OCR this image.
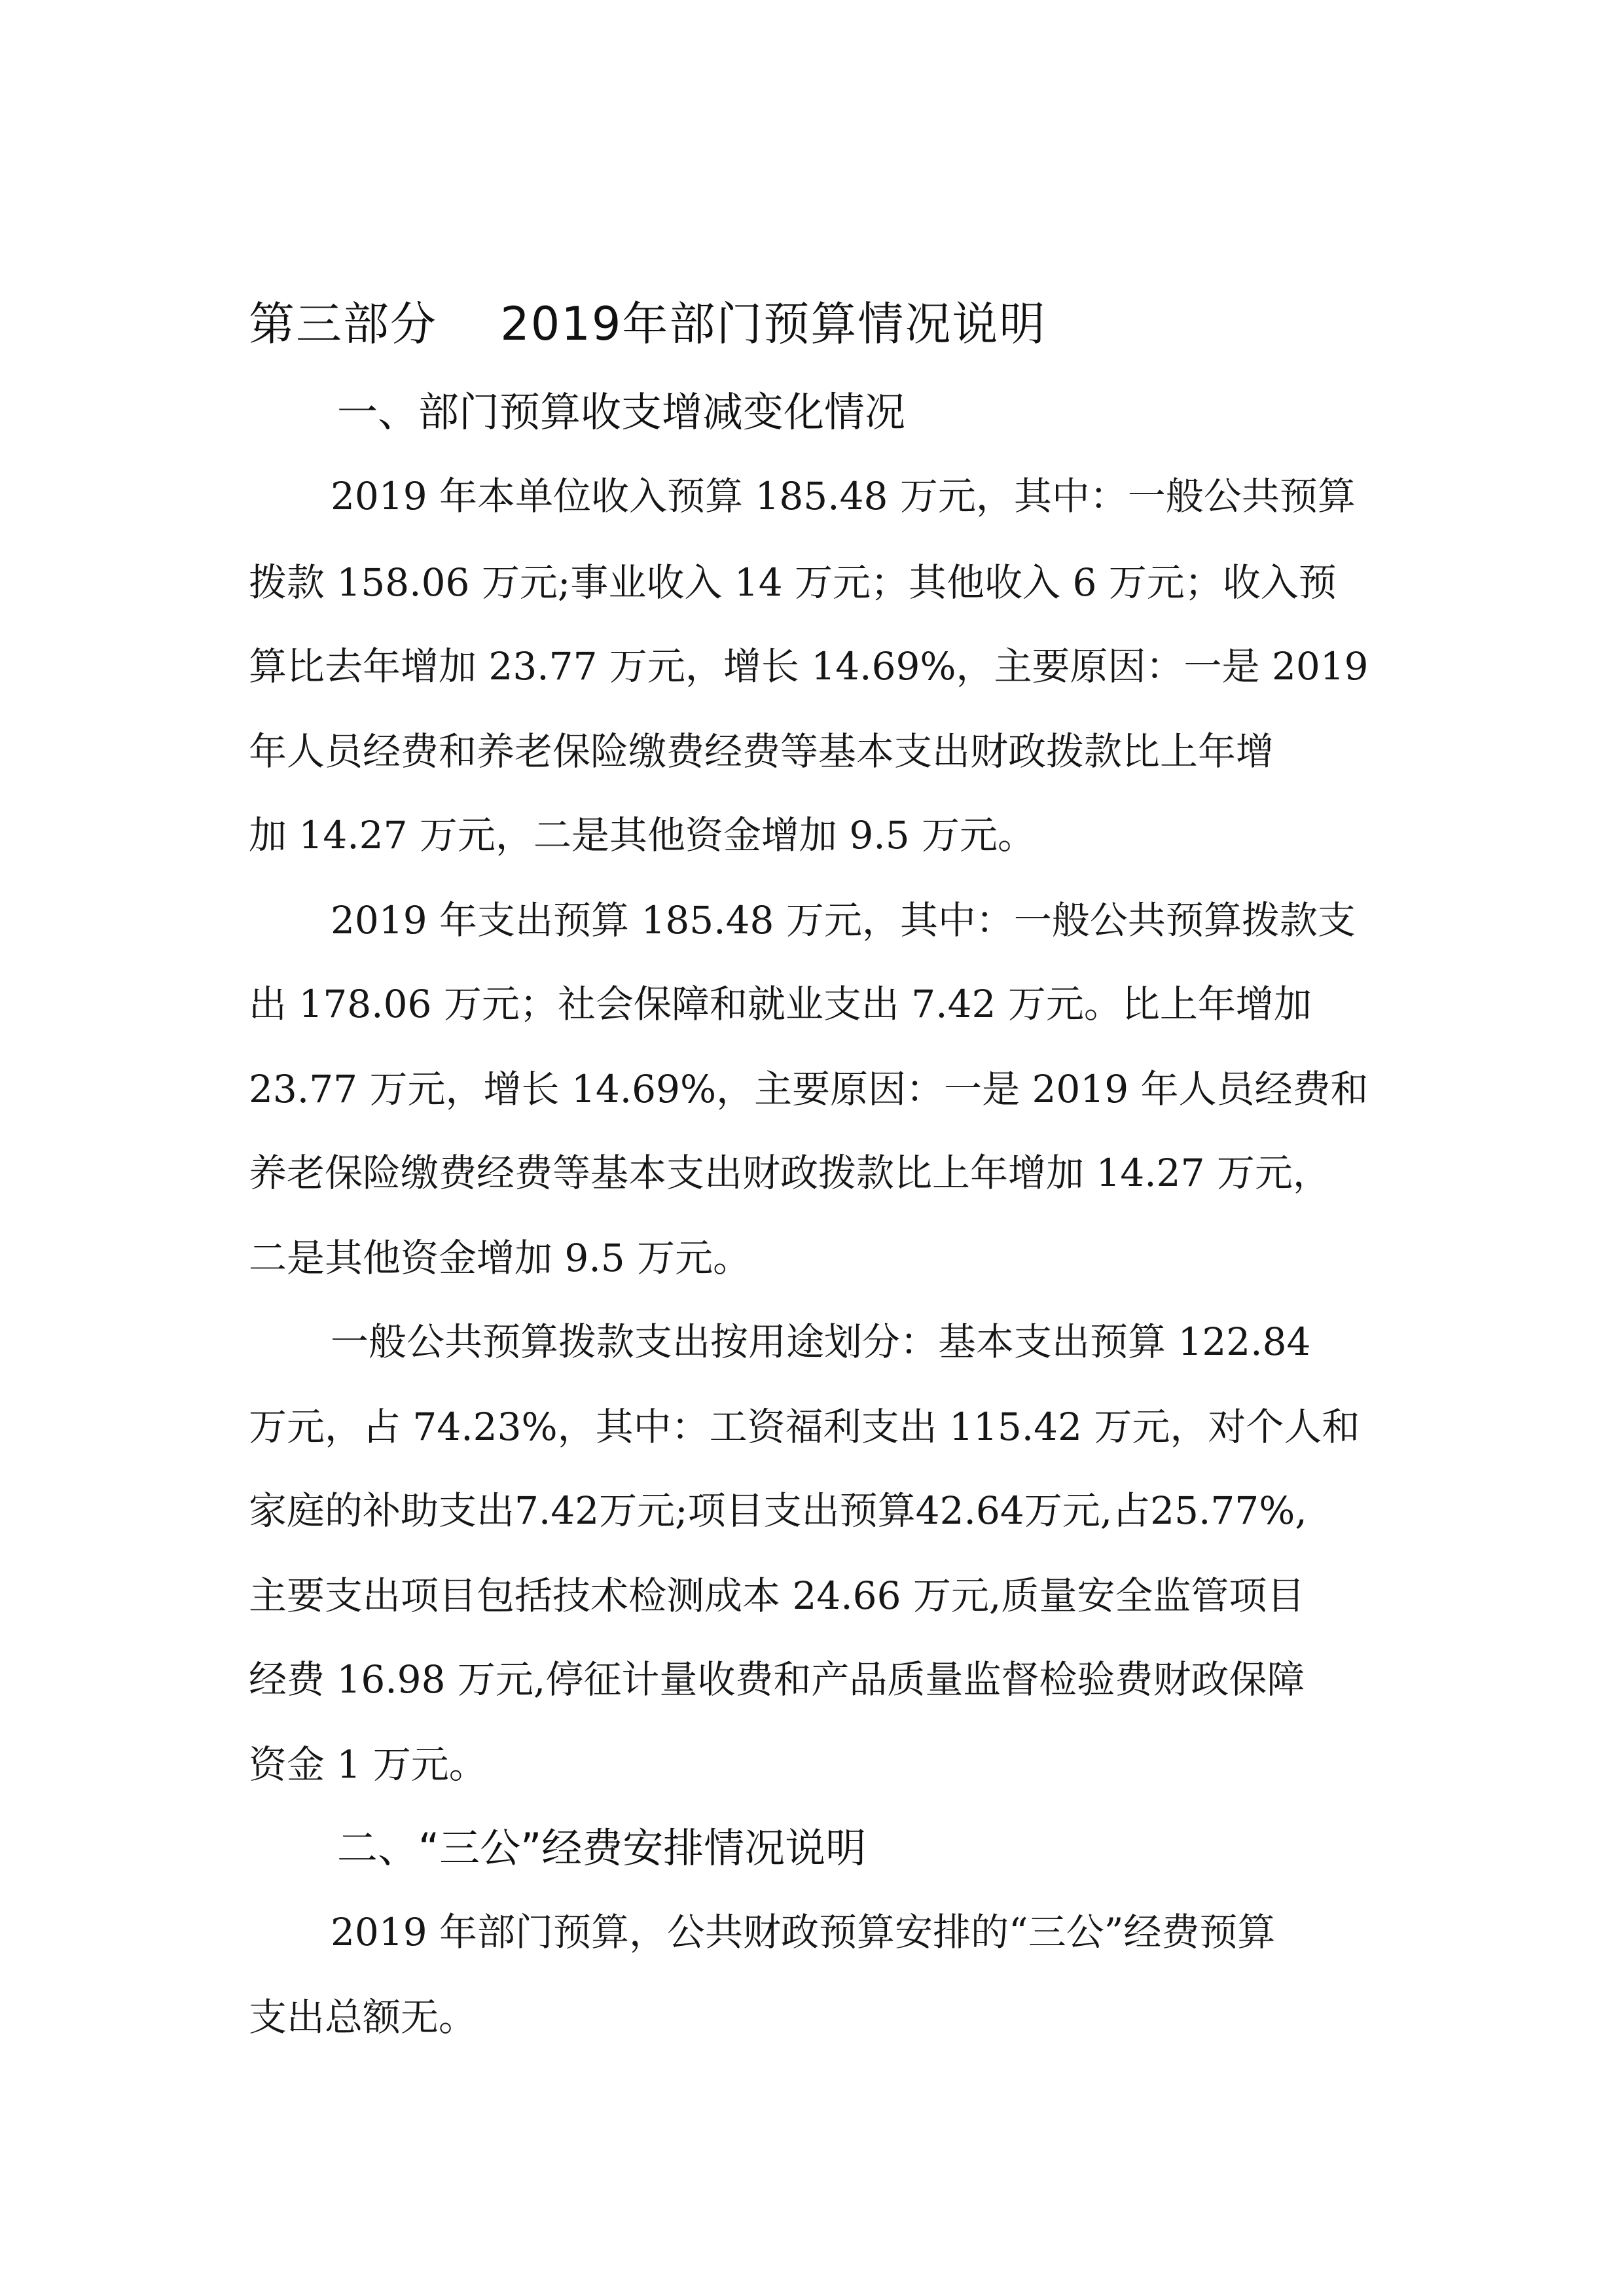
第三部分　 2019年部门预算情况说明
一、部门预算收支增减变化情况
2019 年本单位收入预算 185.48 万元，其中：一般公共预算
拨款 158.06 万元;事业收入 14 万元；其他收入 6 万元；收入预
算比去年增加 23.77 万元，增长 14.69%，主要原因：一是 2019
年人员经费和养老保险缴费经费等基本支出财政拨款比上年增
加 14.27 万元，二是其他资金增加 9.5 万元。
2019 年支出预算 185.48 万元，其中：一般公共预算拨款支
出 178.06 万元；社会保障和就业支出 7.42 万元。比上年增加
23.77 万元，增长 14.69%，主要原因：一是 2019 年人员经费和
养老保险缴费经费等基本支出财政拨款比上年增加 14.27 万元，
二是其他资金增加 9.5 万元。
一般公共预算拨款支出按用途划分：基本支出预算 122.84
万元，占 74.23%，其中：工资福利支出 115.42 万元，对个人和
家庭的补助支出7.42万元;项目支出预算42.64万元,占25.77%,
主要支出项目包括技术检测成本 24.66 万元,质量安全监管项目
经费 16.98 万元,停征计量收费和产品质量监督检验费财政保障
资金 1 万元。
二、“三公”经费安排情况说明
2019 年部门预算，公共财政预算安排的“三公”经费预算
支出总额无。
